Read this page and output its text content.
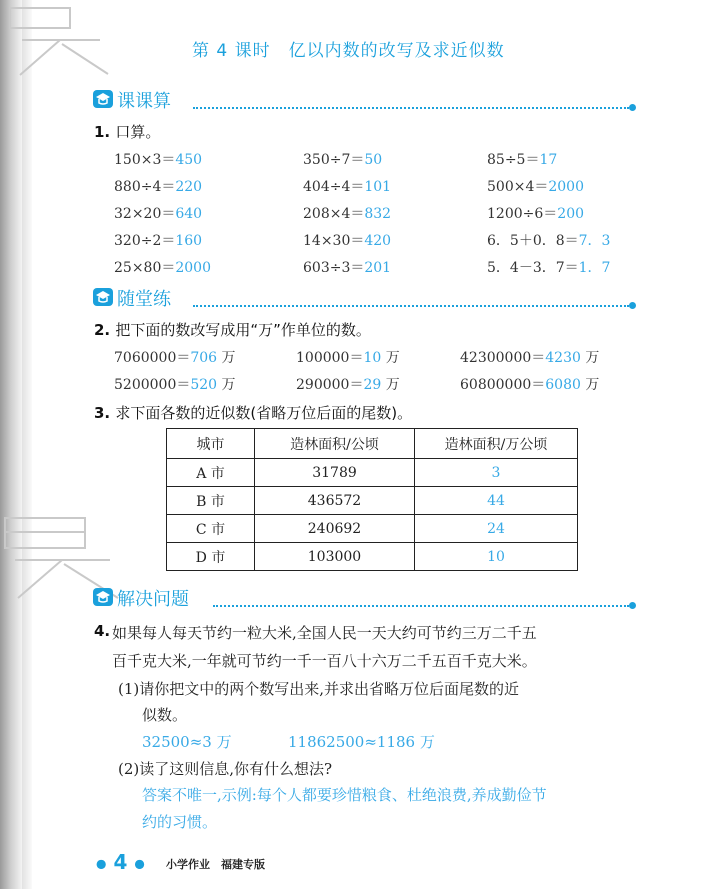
第 4 课时　亿以内数的改写及求近似数
课课算
1. 口算。
150×3＝450	350÷7＝50	85÷5＝17
880÷4＝220	404÷4＝101	500×4＝2000
32×20＝640	208×4＝832	1200÷6＝200
320÷2＝160	14×30＝420	6．5＋0．8＝7．3
25×80＝2000	603÷3＝201	5．4－3．7＝1．7
随堂练
2. 把下面的数改写成用“万”作单位的数。
7060000＝706 万	100000＝10 万	42300000＝4230 万
5200000＝520 万	290000＝29 万	60800000＝6080 万
3. 求下面各数的近似数(省略万位后面的尾数)。
城市	造林面积/公顷	造林面积/万公顷
A 市	31789	3
B 市	436572	44
C 市	240692	24
D 市	103000	10
解决问题
4. 如果每人每天节约一粒大米,全国人民一天大约可节约三万二千五
百千克大米,一年就可节约一千一百八十六万二千五百千克大米。
(1)请你把文中的两个数写出来,并求出省略万位后面尾数的近
似数。
32500≈3 万	11862500≈1186 万
(2)读了这则信息,你有什么想法?
答案不唯一,示例:每个人都要珍惜粮食、杜绝浪费,养成勤俭节
约的习惯。
● 4 ● 小学作业　福建专版
